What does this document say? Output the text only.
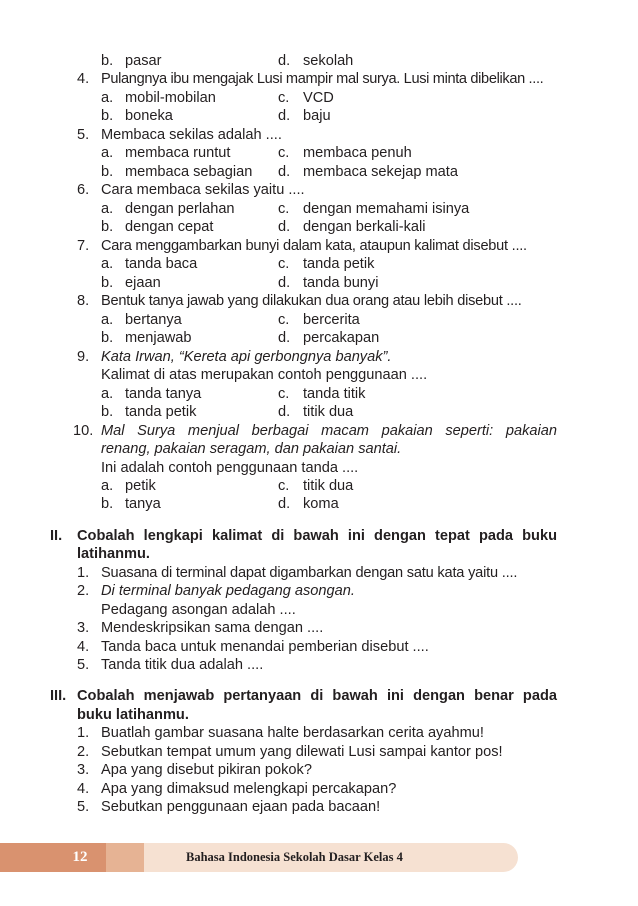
b. pasar	d. sekolah
4. Pulangnya ibu mengajak Lusi mampir mal surya. Lusi minta dibelikan ....
a. mobil-mobilan	c. VCD
b. boneka	d. baju
5. Membaca sekilas adalah ....
a. membaca runtut	c. membaca penuh
b. membaca sebagian d. membaca sekejap mata
6. Cara membaca sekilas yaitu ....
a. dengan perlahan	c. dengan memahami isinya
b. dengan cepat	d. dengan berkali-kali
7. Cara menggambarkan bunyi dalam kata, ataupun kalimat disebut ....
a. tanda baca	c. tanda petik
b. ejaan	d. tanda bunyi
8. Bentuk tanya jawab yang dilakukan dua orang atau lebih disebut ....
a. bertanya	c. bercerita
b. menjawab	d. percakapan
9. Kata Irwan, “Kereta api gerbongnya banyak”.
Kalimat di atas merupakan contoh penggunaan ....
a. tanda tanya	c. tanda titik
b. tanda petik	d. titik dua
10. Mal Surya menjual berbagai macam pakaian seperti: pakaian
renang, pakaian seragam, dan pakaian santai.
Ini adalah contoh penggunaan tanda ....
a. petik	c. titik dua
b. tanya	d. koma
II. Cobalah lengkapi kalimat di bawah ini dengan tepat pada buku
latihanmu.
1. Suasana di terminal dapat digambarkan dengan satu kata yaitu ....
2. Di terminal banyak pedagang asongan.
Pedagang asongan adalah ....
3. Mendeskripsikan sama dengan ....
4. Tanda baca untuk menandai pemberian disebut ....
5. Tanda titik dua adalah ....
III. Cobalah menjawab pertanyaan di bawah ini dengan benar pada
buku latihanmu.
1. Buatlah gambar suasana halte berdasarkan cerita ayahmu!
2. Sebutkan tempat umum yang dilewati Lusi sampai kantor pos!
3. Apa yang disebut pikiran pokok?
4. Apa yang dimaksud melengkapi percakapan?
5. Sebutkan penggunaan ejaan pada bacaan!
12	Bahasa Indonesia Sekolah Dasar Kelas 4
